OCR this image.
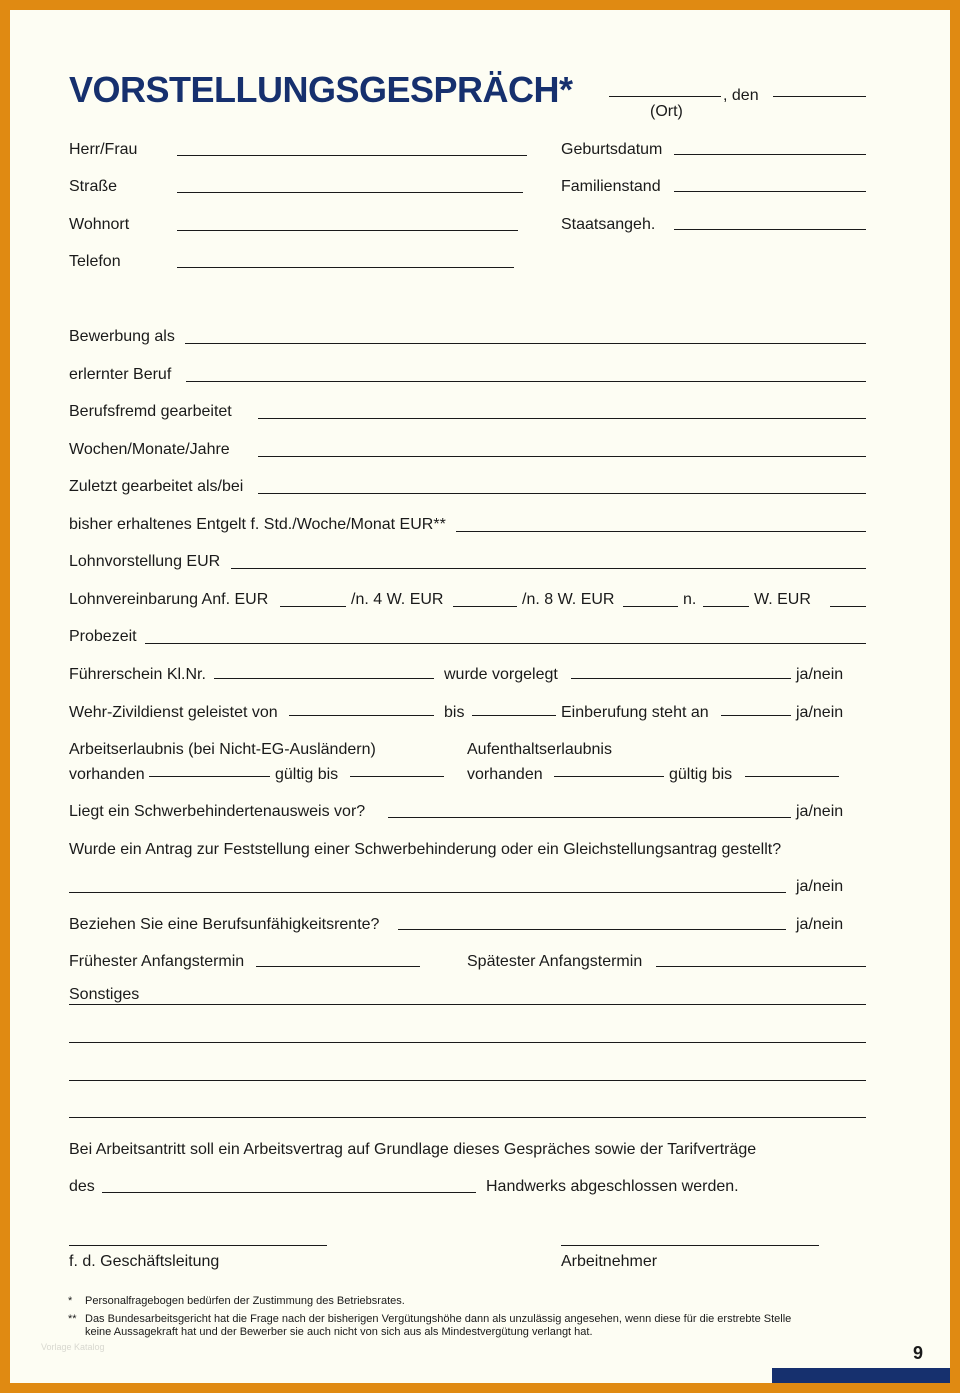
VORSTELLUNGSGESPRÄCH*	, den
(Ort)
Herr/Frau	Geburtsdatum
Straße	Familienstand
Wohnort	Staatsangeh.
Telefon
Bewerbung als
erlernter Beruf
Berufsfremd gearbeitet
Wochen/Monate/Jahre
Zuletzt gearbeitet als/bei
bisher erhaltenes Entgelt f. Std./Woche/Monat EUR**
Lohnvorstellung EUR
Lohnvereinbarung Anf. EUR	/n. 4 W. EUR	/n. 8 W. EUR	n.	W. EUR
Probezeit
Führerschein Kl.Nr.	wurde vorgelegt	ja/nein
Wehr-Zivildienst geleistet von	bis	Einberufung steht an	ja/nein
Arbeitserlaubnis (bei Nicht-EG-Ausländern)	Aufenthaltserlaubnis
vorhanden	gültig bis	vorhanden	gültig bis
Liegt ein Schwerbehindertenausweis vor?	ja/nein
Wurde ein Antrag zur Feststellung einer Schwerbehinderung oder ein Gleichstellungsantrag gestellt?
ja/nein
Beziehen Sie eine Berufsunfähigkeitsrente?	ja/nein
Frühester Anfangstermin	Spätester Anfangstermin
Sonstiges
Bei Arbeitsantritt soll ein Arbeitsvertrag auf Grundlage dieses Gespräches sowie der Tarifverträge
des	Handwerks abgeschlossen werden.
f. d. Geschäftsleitung	Arbeitnehmer
* Personalfragebogen bedürfen der Zustimmung des Betriebsrates.
** Das Bundesarbeitsgericht hat die Frage nach der bisherigen Vergütungshöhe dann als unzulässig angesehen, wenn diese für die erstrebte Stelle
keine Aussagekraft hat und der Bewerber sie auch nicht von sich aus als Mindestvergütung verlangt hat.
Vorlage Katalog	9
